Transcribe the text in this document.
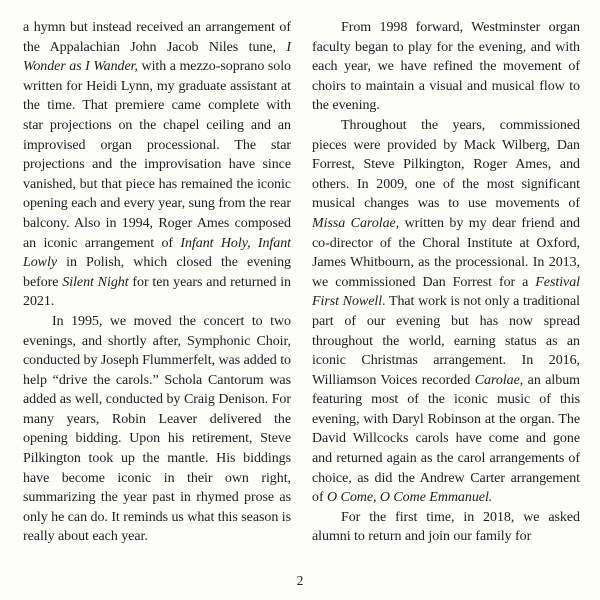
a hymn but instead received an arrangement of the Appalachian John Jacob Niles tune, I Wonder as I Wander, with a mezzo-soprano solo written for Heidi Lynn, my graduate assistant at the time. That premiere came complete with star projections on the chapel ceiling and an improvised organ processional. The star projections and the improvisation have since vanished, but that piece has remained the iconic opening each and every year, sung from the rear balcony. Also in 1994, Roger Ames composed an iconic arrangement of Infant Holy, Infant Lowly in Polish, which closed the evening before Silent Night for ten years and returned in 2021.

In 1995, we moved the concert to two evenings, and shortly after, Symphonic Choir, conducted by Joseph Flummerfelt, was added to help “drive the carols.” Schola Cantorum was added as well, conducted by Craig Denison. For many years, Robin Leaver delivered the opening bidding. Upon his retirement, Steve Pilkington took up the mantle. His biddings have become iconic in their own right, summarizing the year past in rhymed prose as only he can do. It reminds us what this season is really about each year.

From 1998 forward, Westminster organ faculty began to play for the evening, and with each year, we have refined the movement of choirs to maintain a visual and musical flow to the evening.

Throughout the years, commissioned pieces were provided by Mack Wilberg, Dan Forrest, Steve Pilkington, Roger Ames, and others. In 2009, one of the most significant musical changes was to use movements of Missa Carolae, written by my dear friend and co-director of the Choral Institute at Oxford, James Whitbourn, as the processional. In 2013, we commissioned Dan Forrest for a Festival First Nowell. That work is not only a traditional part of our evening but has now spread throughout the world, earning status as an iconic Christmas arrangement. In 2016, Williamson Voices recorded Carolae, an album featuring most of the iconic music of this evening, with Daryl Robinson at the organ. The David Willcocks carols have come and gone and returned again as the carol arrangements of choice, as did the Andrew Carter arrangement of O Come, O Come Emmanuel.

For the first time, in 2018, we asked alumni to return and join our family for

2
